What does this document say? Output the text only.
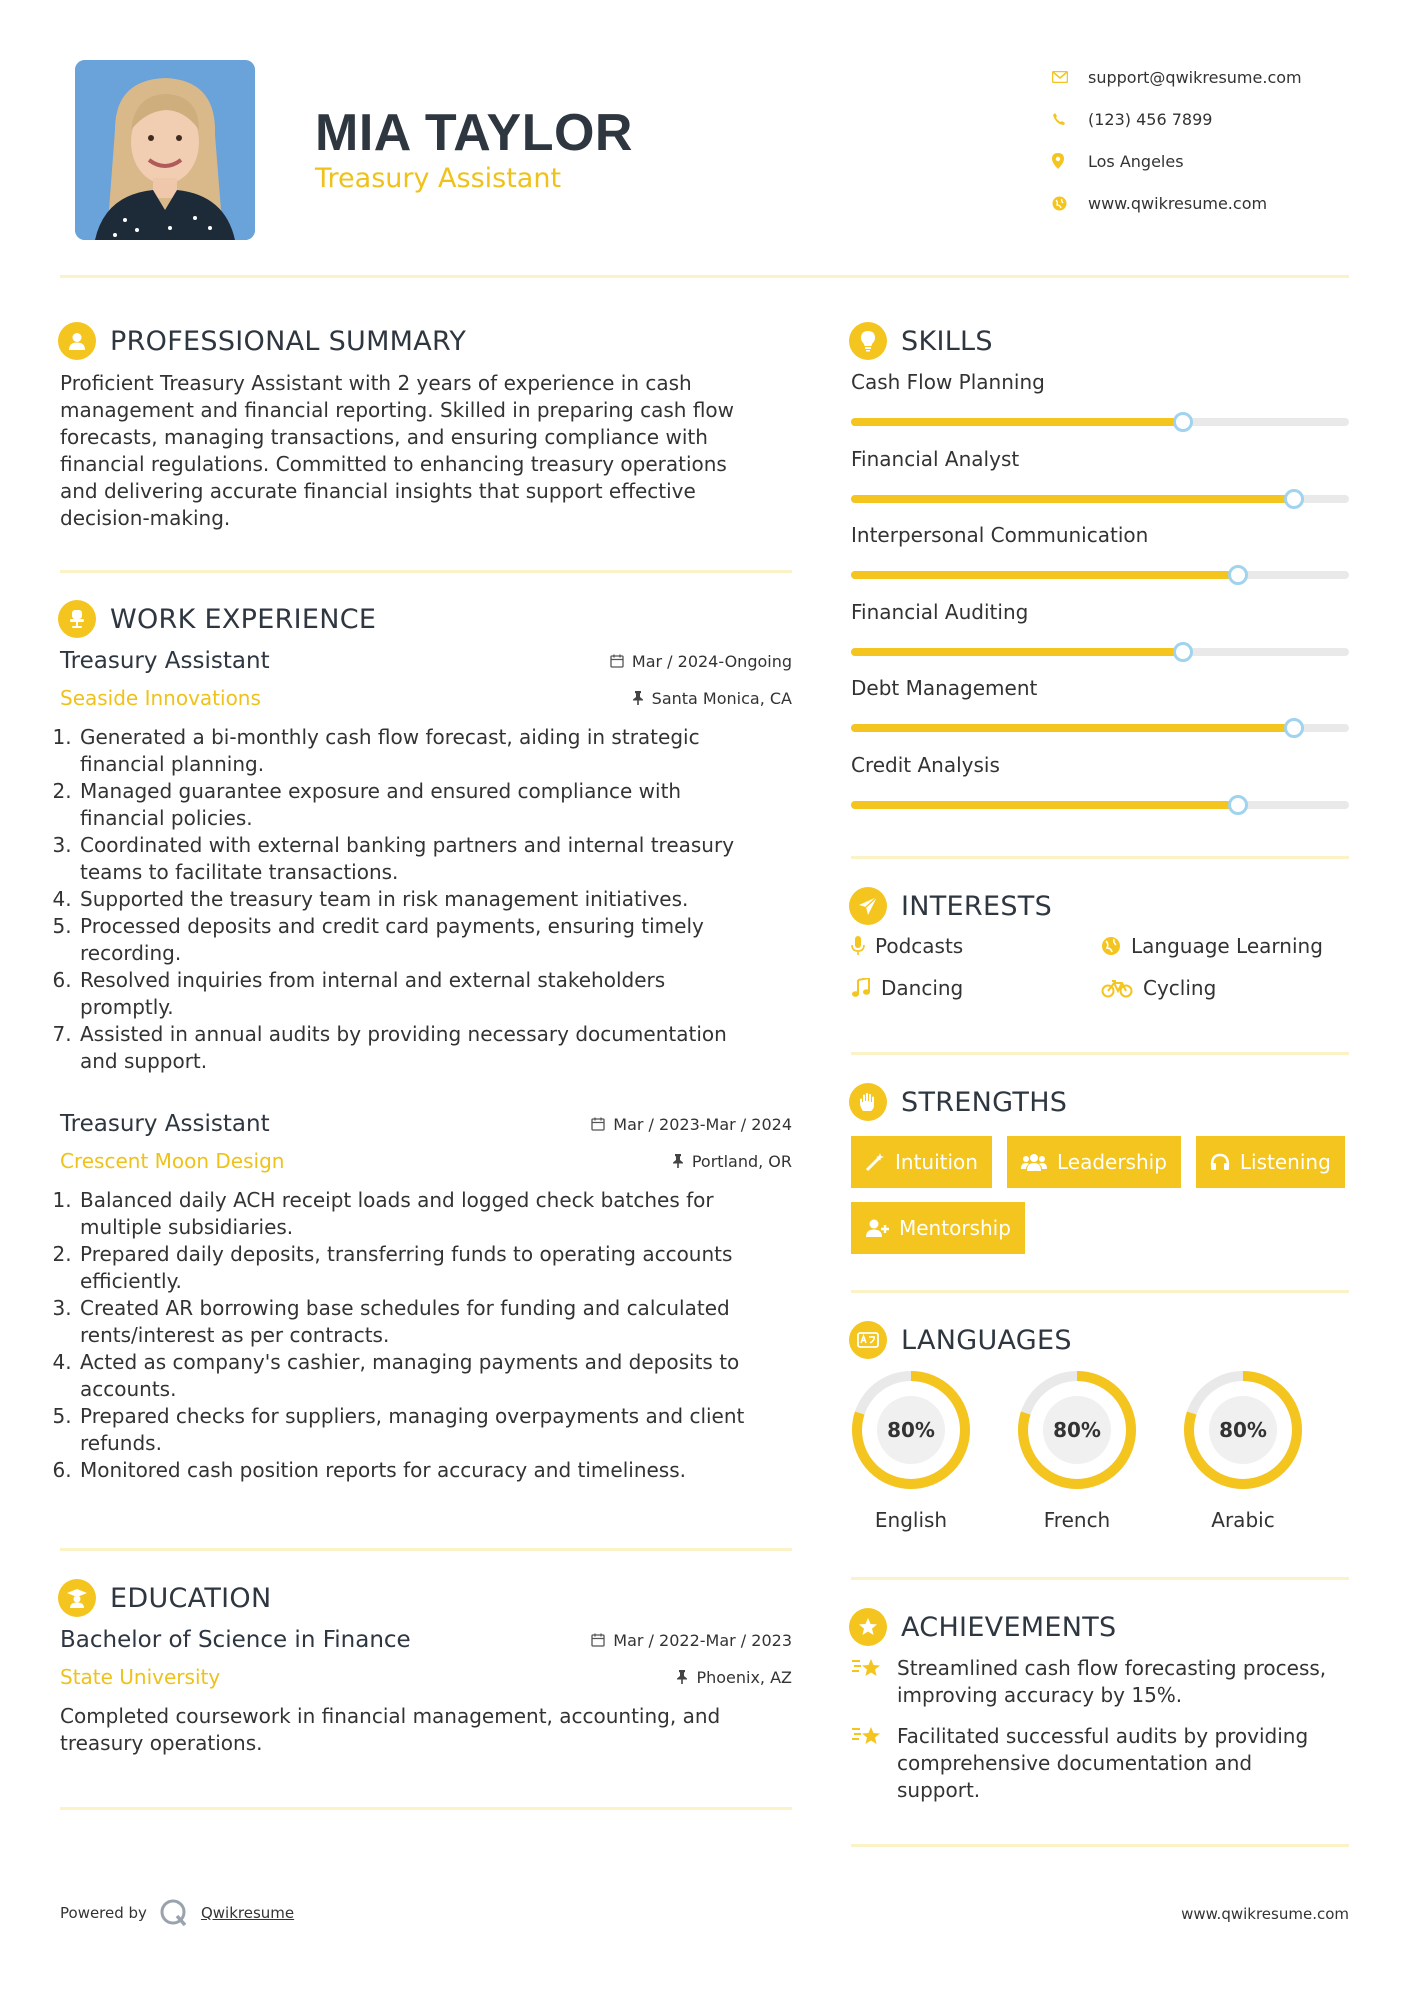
MIA TAYLOR
Treasury Assistant
support@qwikresume.com
(123) 456 7899
Los Angeles
www.qwikresume.com
PROFESSIONAL SUMMARY
Proficient Treasury Assistant with 2 years of experience in cash
management and financial reporting. Skilled in preparing cash flow
forecasts, managing transactions, and ensuring compliance with
financial regulations. Committed to enhancing treasury operations
and delivering accurate financial insights that support effective
decision-making.
WORK EXPERIENCE
Treasury Assistant	Mar / 2024-Ongoing
Seaside Innovations	Santa Monica, CA
1. Generated a bi-monthly cash flow forecast, aiding in strategic
financial planning.
2. Managed guarantee exposure and ensured compliance with
financial policies.
3. Coordinated with external banking partners and internal treasury
teams to facilitate transactions.
4. Supported the treasury team in risk management initiatives.
5. Processed deposits and credit card payments, ensuring timely
recording.
6. Resolved inquiries from internal and external stakeholders
promptly.
7. Assisted in annual audits by providing necessary documentation
and support.
Treasury Assistant	Mar / 2023-Mar / 2024
Crescent Moon Design	Portland, OR
1. Balanced daily ACH receipt loads and logged check batches for
multiple subsidiaries.
2. Prepared daily deposits, transferring funds to operating accounts
efficiently.
3. Created AR borrowing base schedules for funding and calculated
rents/interest as per contracts.
4. Acted as company's cashier, managing payments and deposits to
accounts.
5. Prepared checks for suppliers, managing overpayments and client
refunds.
6. Monitored cash position reports for accuracy and timeliness.
EDUCATION
Bachelor of Science in Finance	Mar / 2022-Mar / 2023
State University	Phoenix, AZ
Completed coursework in financial management, accounting, and
treasury operations.
SKILLS
Cash Flow Planning
Financial Analyst
Interpersonal Communication
Financial Auditing
Debt Management
Credit Analysis
INTERESTS
Podcasts	Language Learning
Dancing	Cycling
STRENGTHS
Intuition	Leadership	Listening
Mentorship
LANGUAGES
80%
English
80%
French
80%
Arabic
ACHIEVEMENTS
Streamlined cash flow forecasting process,
improving accuracy by 15%.
Facilitated successful audits by providing
comprehensive documentation and
support.
Powered by	Qwikresume	www.qwikresume.com
